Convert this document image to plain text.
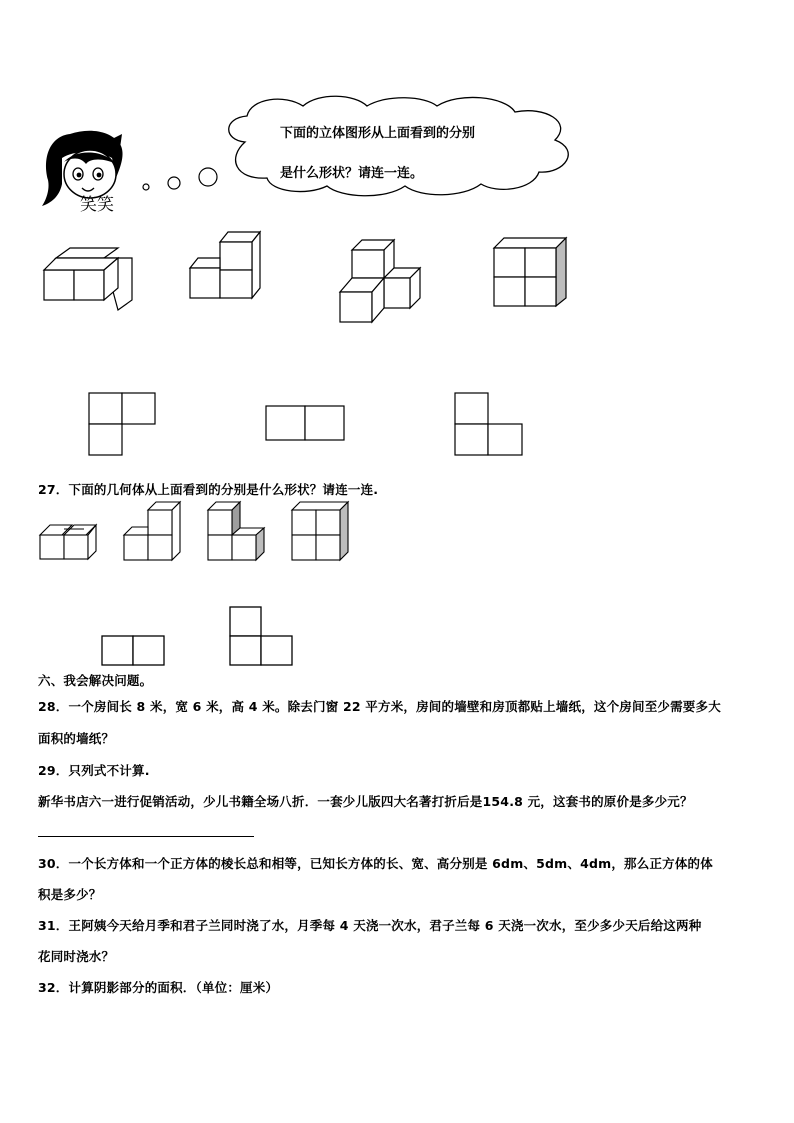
笑笑
下面的立体图形从上面看到的分别
是什么形状？请连一连。
27．下面的几何体从上面看到的分别是什么形状？请连一连.
六、我会解决问题。
28．一个房间长 8 米，宽 6 米，高 4 米。除去门窗 22 平方米，房间的墙壁和房顶都贴上墙纸，这个房间至少需要多大
面积的墙纸？
29．只列式不计算.
新华书店六一进行促销活动，少儿书籍全场八折．一套少儿版四大名著打折后是154.8 元，这套书的原价是多少元？
30．一个长方体和一个正方体的棱长总和相等，已知长方体的长、宽、高分别是 6dm、5dm、4dm，那么正方体的体
积是多少？
31．王阿姨今天给月季和君子兰同时浇了水，月季每 4 天浇一次水，君子兰每 6 天浇一次水，至少多少天后给这两种
花同时浇水？
32．计算阴影部分的面积．（单位：厘米）
